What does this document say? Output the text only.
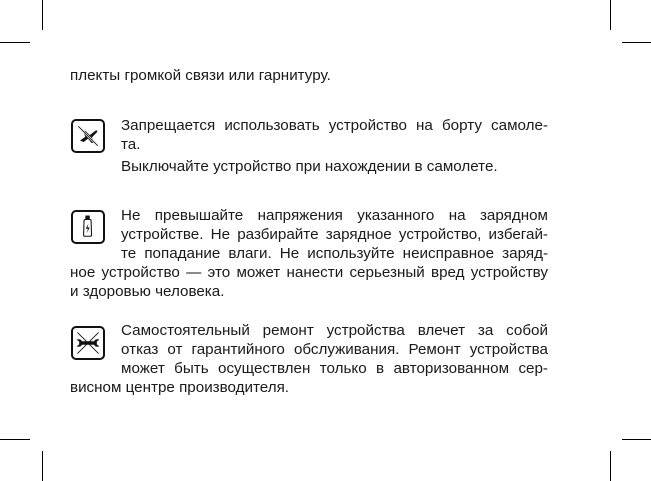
плекты громкой связи или гарнитуру.
Запрещается использовать устройство на борту самоле-
та.
Выключайте устройство при нахождении в самолете.
Не превышайте напряжения указанного на зарядном
устройстве. Не разбирайте зарядное устройство, избегай-
те попадание влаги. Не используйте неисправное заряд-
ное устройство — это может нанести серьезный вред устройству
и здоровью человека.
Самостоятельный ремонт устройства влечет за собой
отказ от гарантийного обслуживания. Ремонт устройства
может быть осуществлен только в авторизованном сер-
висном центре производителя.
